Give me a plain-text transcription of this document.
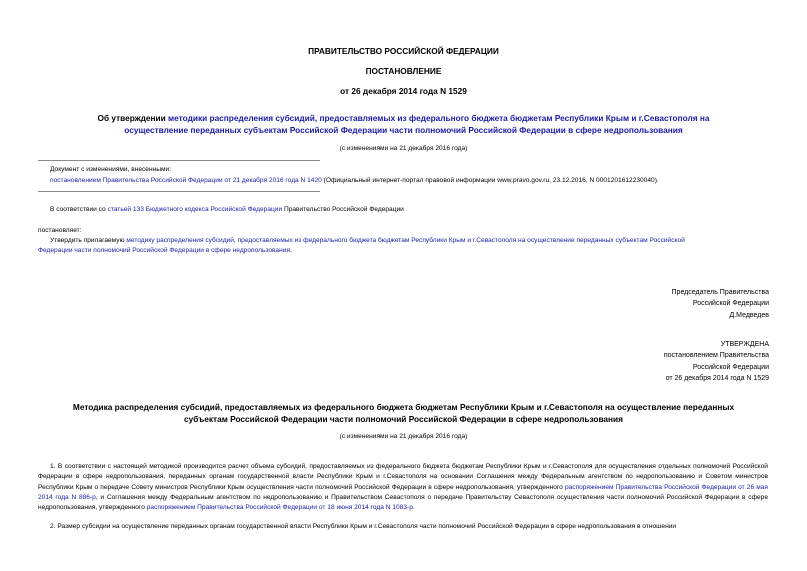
ПРАВИТЕЛЬСТВО РОССИЙСКОЙ ФЕДЕРАЦИИ
ПОСТАНОВЛЕНИЕ
от 26 декабря 2014 года N 1529
Об утверждении методики распределения субсидий, предоставляемых из федерального бюджета бюджетам Республики Крым и г.Севастополя на
осуществление переданных субъектам Российской Федерации части полномочий Российской Федерации в сфере недропользования
(с изменениями на 21 декабря 2016 года)
Документ с изменениями, внесенными:
постановлением Правительства Российской Федерации от 21 декабря 2016 года N 1420 (Официальный интернет-портал правовой информации www.pravo.gov.ru, 23.12.2016, N 0001201612230040).
В соответствии со статьей 133 Бюджетного кодекса Российской Федерации Правительство Российской Федерации
постановляет:
Утвердить прилагаемую методику распределения субсидий, предоставляемых из федерального бюджета бюджетам Республики Крым и г.Севастополя на осуществление переданных субъектам Российской
Федерации части полномочий Российской Федерации в сфере недропользования.
Председатель Правительства
Российской Федерации
Д.Медведев
УТВЕРЖДЕНА
постановлением Правительства
Российской Федерации
от 26 декабря 2014 года N 1529
Методика распределения субсидий, предоставляемых из федерального бюджета бюджетам Республики Крым и г.Севастополя на осуществление переданных
субъектам Российской Федерации части полномочий Российской Федерации в сфере недропользования
(с изменениями на 21 декабря 2016 года)
1. В соответствии с настоящей методикой производится расчет объема субсидий, предоставляемых из федерального бюджета бюджетам Республики Крым и г.Севастополя для осуществления отдельных полномочий Российской Федерации в сфере недропользования, переданных органам государственной власти Республики Крым и г.Севастополя на основании Соглашения между Федеральным агентством по недропользованию и Советом министров Республики Крым о передаче Совету министров Республики Крым осуществления части полномочий Российской Федерации в сфере недропользования, утвержденного распоряжением Правительства Российской Федерации от 26 мая 2014 года N 886-р, и Соглашения между Федеральным агентством по недропользованию и Правительством Севастополя о передаче Правительству Севастополя осуществления части полномочий Российской Федерации в сфере недропользования, утвержденного распоряжением Правительства Российской Федерации от 18 июня 2014 года N 1083-р.
2. Размер субсидии на осуществление переданных органам государственной власти Республики Крым и г.Севастополя части полномочий Российской Федерации в сфере недропользования в отношении
